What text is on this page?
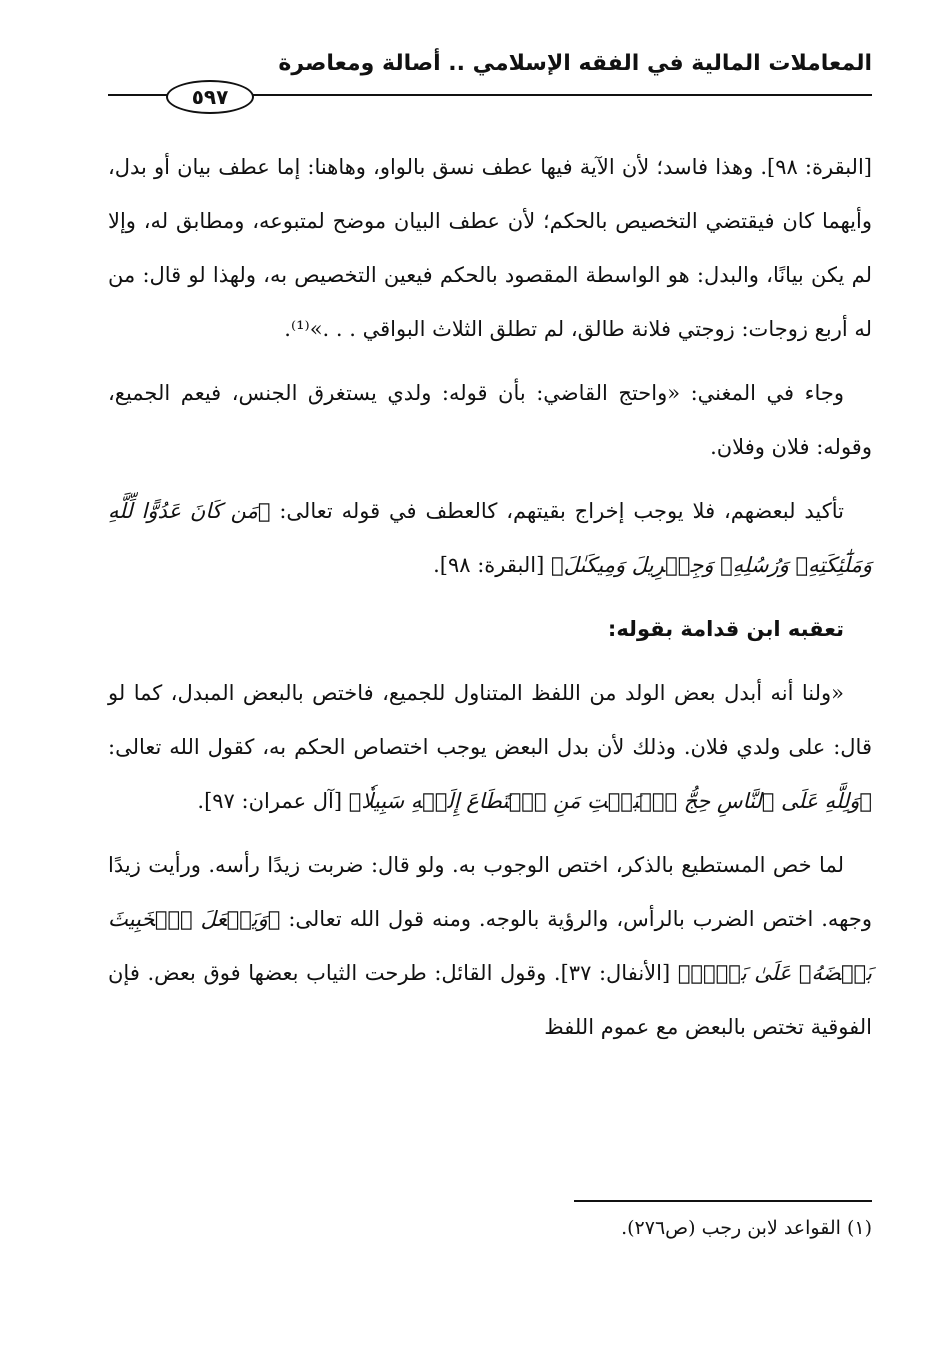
المعاملات المالية في الفقه الإسلامي .. أصالة ومعاصرة
٥٩٧

[البقرة: ٩٨]. وهذا فاسد؛ لأن الآية فيها عطف نسق بالواو، وهاهنا: إما عطف بيان أو بدل، وأيهما كان فيقتضي التخصيص بالحكم؛ لأن عطف البيان موضح لمتبوعه، ومطابق له، وإلا لم يكن بيانًا، والبدل: هو الواسطة المقصود بالحكم فيعين التخصيص به، ولهذا لو قال: من له أربع زوجات: زوجتي فلانة طالق، لم تطلق الثلاث البواقي . . .»⁽¹⁾.

وجاء في المغني: «واحتج القاضي: بأن قوله: ولدي يستغرق الجنس، فيعم الجميع، وقوله: فلان وفلان.

تأكيد لبعضهم، فلا يوجب إخراج بقيتهم، كالعطف في قوله تعالى: ﴿مَن كَانَ عَدُوًّا لِّلَّهِ وَمَلَٰٓئِكَتِهِۦ وَرُسُلِهِۦ وَجِبۡرِيلَ وَمِيكَىٰلَ﴾ [البقرة: ٩٨].

تعقبه ابن قدامة بقوله:

«ولنا أنه أبدل بعض الولد من اللفظ المتناول للجميع، فاختص بالبعض المبدل، كما لو قال: على ولدي فلان. وذلك لأن بدل البعض يوجب اختصاص الحكم به، كقول الله تعالى: ﴿وَلِلَّهِ عَلَى ٱلنَّاسِ حِجُّ ٱلۡبَيۡتِ مَنِ ٱسۡتَطَاعَ إِلَيۡهِ سَبِيلٗا﴾ [آل عمران: ٩٧].

لما خص المستطيع بالذكر، اختص الوجوب به. ولو قال: ضربت زيدًا رأسه. ورأيت زيدًا وجهه. اختص الضرب بالرأس، والرؤية بالوجه. ومنه قول الله تعالى: ﴿وَيَجۡعَلَ ٱلۡخَبِيثَ بَعۡضَهُۥ عَلَىٰ بَعۡضٖ﴾ [الأنفال: ٣٧]. وقول القائل: طرحت الثياب بعضها فوق بعض. فإن الفوقية تختص بالبعض مع عموم اللفظ

(١) القواعد لابن رجب (ص٢٧٦).
